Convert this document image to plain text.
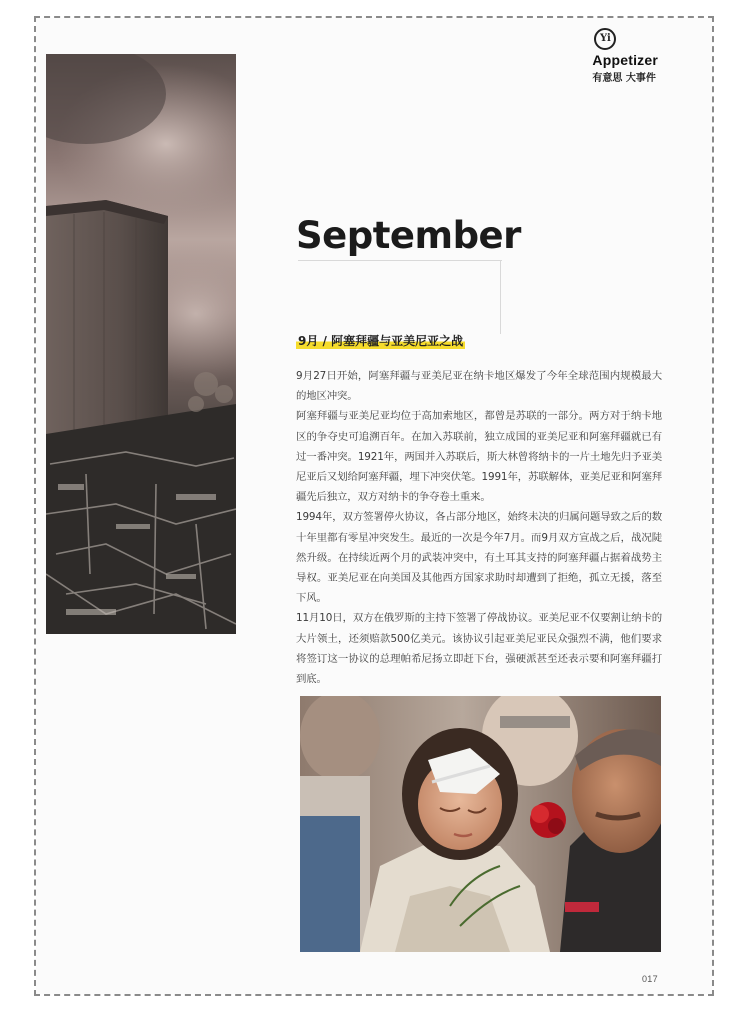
Yi
Appetizer
有意思 大事件
September
9月 / 阿塞拜疆与亚美尼亚之战

9月27日开始，阿塞拜疆与亚美尼亚在纳卡地区爆发了今年全球范围内规模最大的地区冲突。

阿塞拜疆与亚美尼亚均位于高加索地区，都曾是苏联的一部分。两方对于纳卡地区的争夺史可追溯百年。在加入苏联前，独立成国的亚美尼亚和阿塞拜疆就已有过一番冲突。1921年，两国并入苏联后，斯大林曾将纳卡的一片土地先归予亚美尼亚后又划给阿塞拜疆，埋下冲突伏笔。1991年，苏联解体，亚美尼亚和阿塞拜疆先后独立，双方对纳卡的争夺卷土重来。

1994年，双方签署停火协议，各占部分地区，始终未决的归属问题导致之后的数十年里都有零星冲突发生。最近的一次是今年7月。而9月双方宣战之后，战况陡然升级。在持续近两个月的武装冲突中，有土耳其支持的阿塞拜疆占据着战势主导权。亚美尼亚在向美国及其他西方国家求助时却遭到了拒绝，孤立无援，落至下风。

11月10日，双方在俄罗斯的主持下签署了停战协议。亚美尼亚不仅要割让纳卡的大片领土，还须赔款500亿美元。该协议引起亚美尼亚民众强烈不满，他们要求将签订这一协议的总理帕希尼扬立即赶下台，强硬派甚至还表示要和阿塞拜疆打到底。

017
